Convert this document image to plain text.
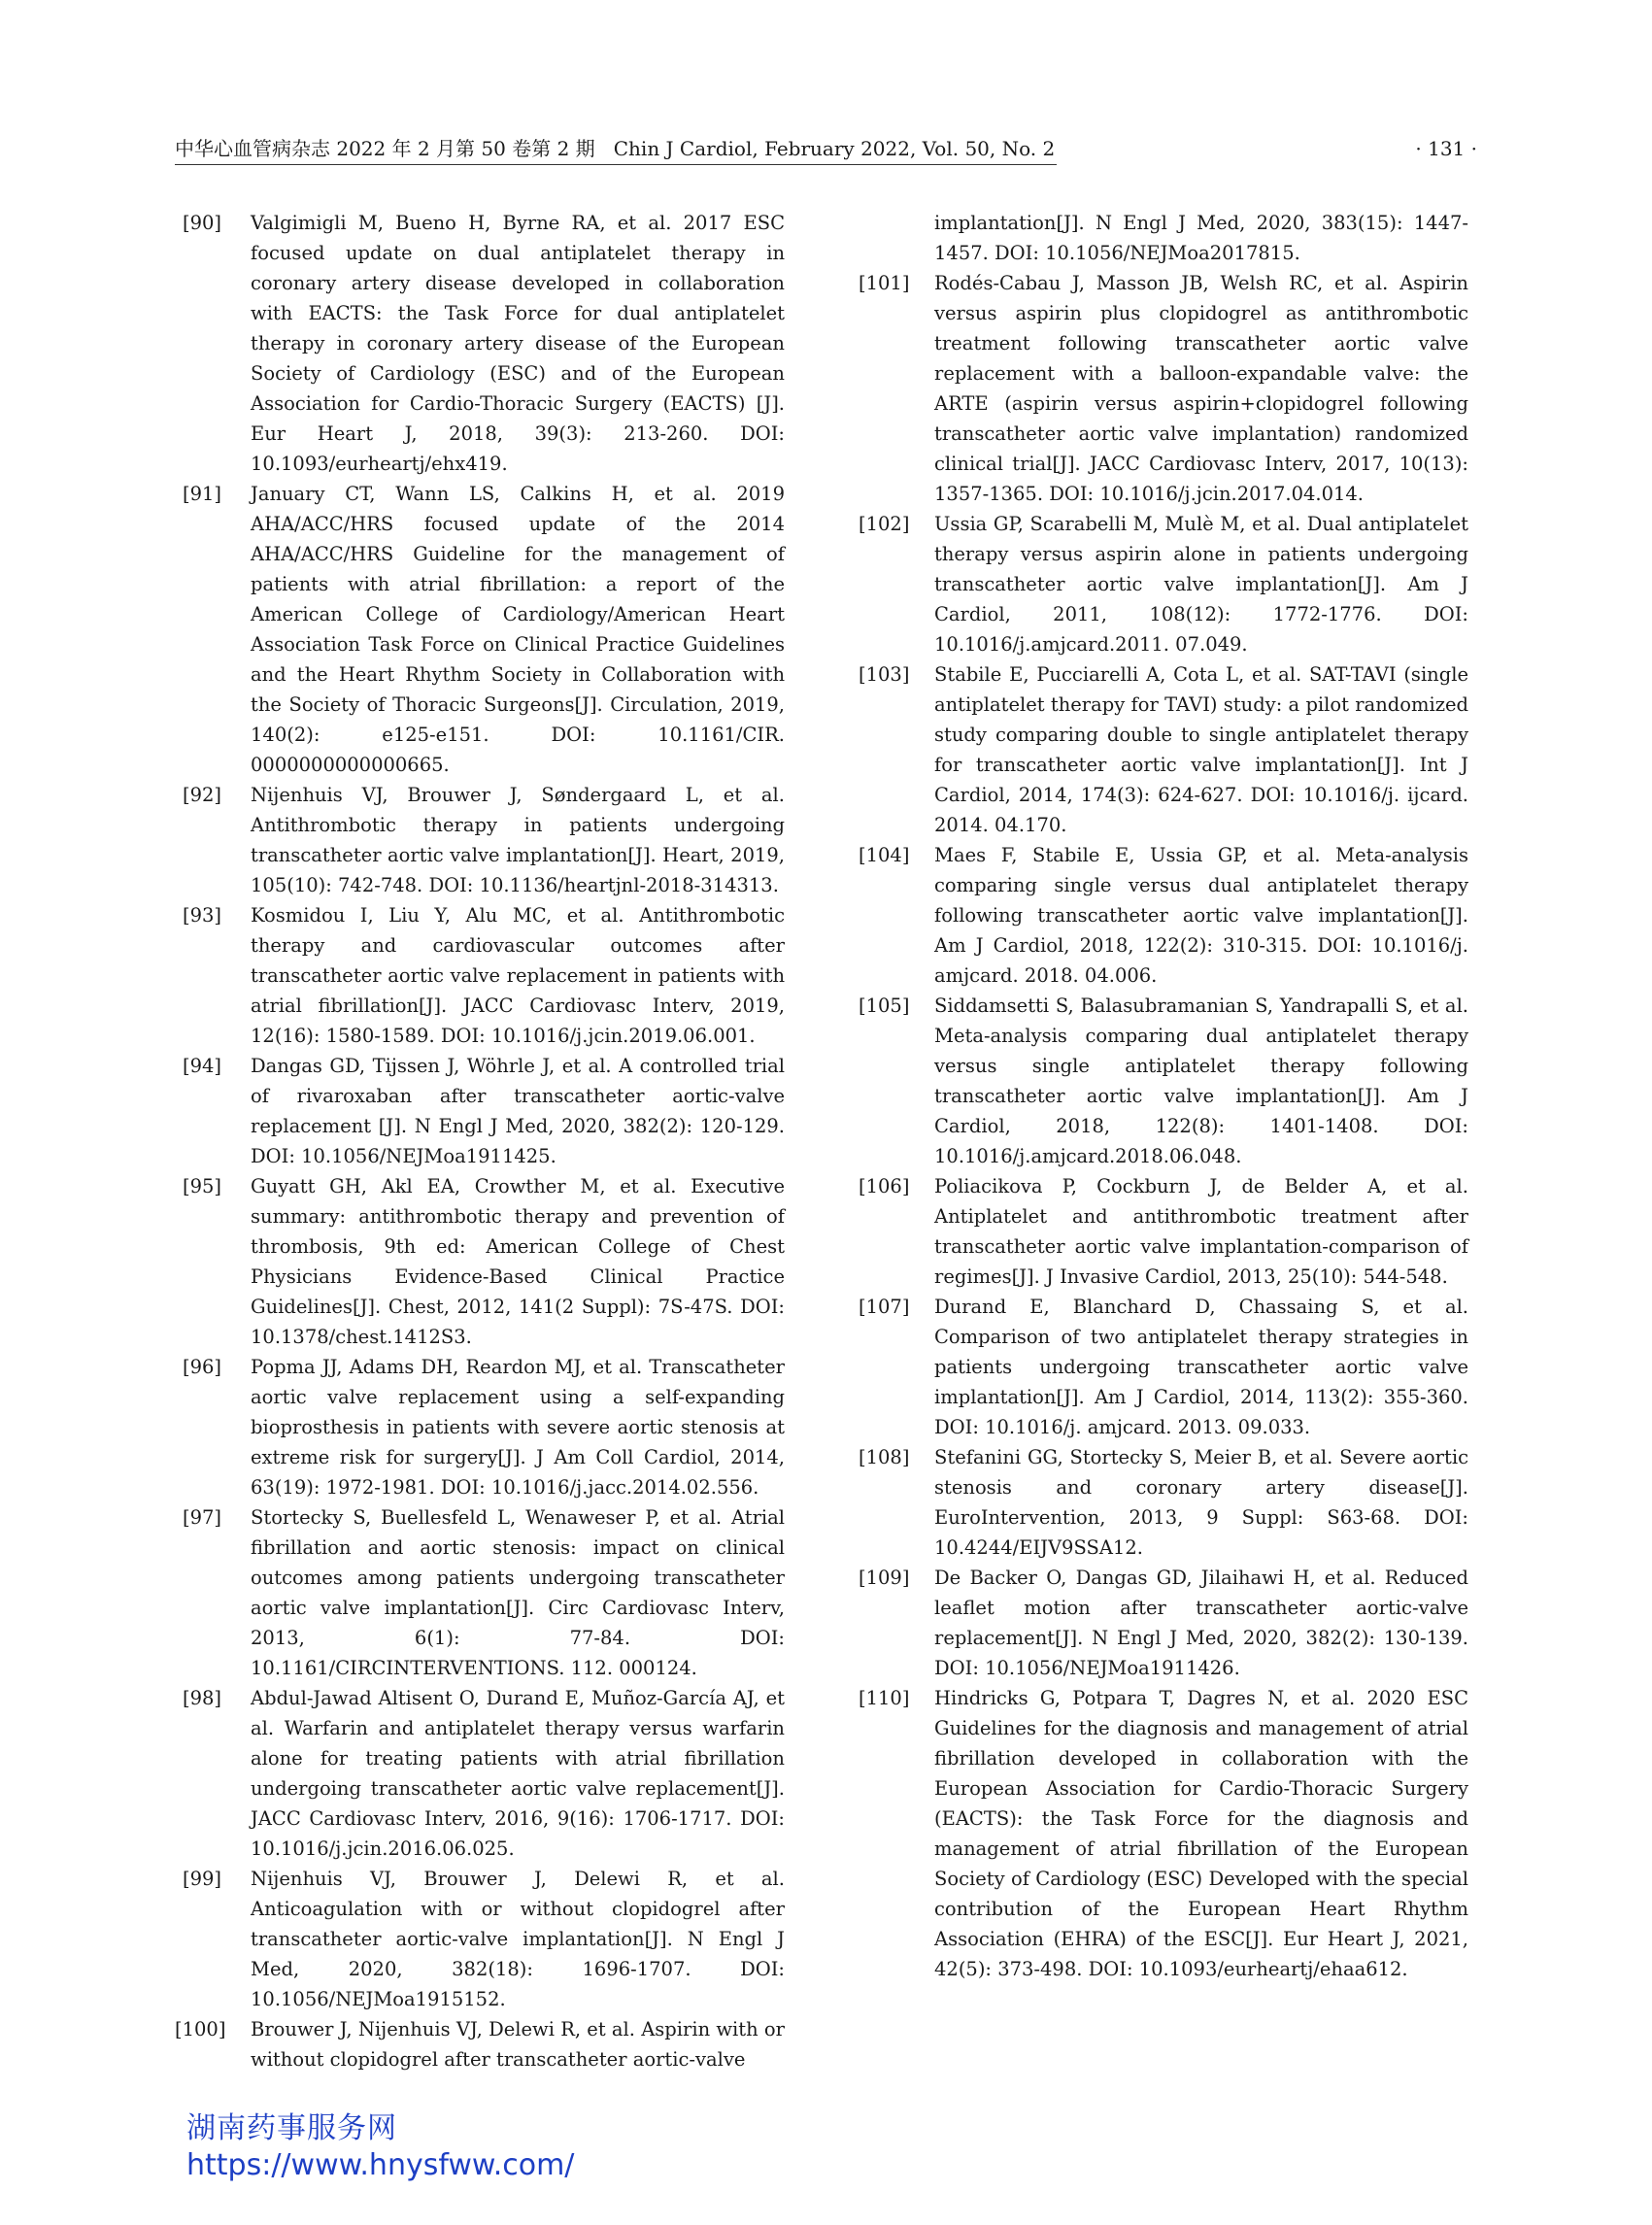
中华心血管病杂志 2022 年 2 月第 50 卷第 2 期 Chin J Cardiol, February 2022, Vol. 50, No. 2	· 131 ·
[90]	Valgimigli M, Bueno H, Byrne RA, et al. 2017 ESC focused update on dual antiplatelet therapy in coronary artery disease developed in collaboration with EACTS: the Task Force for dual antiplatelet therapy in coronary artery disease of the European Society of Cardiology (ESC) and of the European Association for Cardio-Thoracic Surgery (EACTS) [J]. Eur Heart J, 2018, 39(3): 213-260. DOI: 10.1093/eurheartj/ehx419.
[91]	January CT, Wann LS, Calkins H, et al. 2019 AHA/ACC/HRS focused update of the 2014 AHA/ACC/HRS Guideline for the management of patients with atrial fibrillation: a report of the American College of Cardiology/American Heart Association Task Force on Clinical Practice Guidelines and the Heart Rhythm Society in Collaboration with the Society of Thoracic Surgeons[J]. Circulation, 2019, 140(2): e125-e151. DOI: 10.1161/CIR. 0000000000000665.
[92]	Nijenhuis VJ, Brouwer J, Søndergaard L, et al. Antithrombotic therapy in patients undergoing transcatheter aortic valve implantation[J]. Heart, 2019, 105(10): 742-748. DOI: 10.1136/heartjnl-2018-314313.
[93]	Kosmidou I, Liu Y, Alu MC, et al. Antithrombotic therapy and cardiovascular outcomes after transcatheter aortic valve replacement in patients with atrial fibrillation[J]. JACC Cardiovasc Interv, 2019, 12(16): 1580-1589. DOI: 10.1016/j.jcin.2019.06.001.
[94]	Dangas GD, Tijssen J, Wöhrle J, et al. A controlled trial of rivaroxaban after transcatheter aortic-valve replacement [J]. N Engl J Med, 2020, 382(2): 120-129. DOI: 10.1056/NEJMoa1911425.
[95]	Guyatt GH, Akl EA, Crowther M, et al. Executive summary: antithrombotic therapy and prevention of thrombosis, 9th ed: American College of Chest Physicians Evidence-Based Clinical Practice Guidelines[J]. Chest, 2012, 141(2 Suppl): 7S-47S. DOI: 10.1378/chest.1412S3.
[96]	Popma JJ, Adams DH, Reardon MJ, et al. Transcatheter aortic valve replacement using a self-expanding bioprosthesis in patients with severe aortic stenosis at extreme risk for surgery[J]. J Am Coll Cardiol, 2014, 63(19): 1972-1981. DOI: 10.1016/j.jacc.2014.02.556.
[97]	Stortecky S, Buellesfeld L, Wenaweser P, et al. Atrial fibrillation and aortic stenosis: impact on clinical outcomes among patients undergoing transcatheter aortic valve implantation[J]. Circ Cardiovasc Interv, 2013, 6(1): 77-84. DOI: 10.1161/CIRCINTERVENTIONS. 112. 000124.
[98]	Abdul-Jawad Altisent O, Durand E, Muñoz-García AJ, et al. Warfarin and antiplatelet therapy versus warfarin alone for treating patients with atrial fibrillation undergoing transcatheter aortic valve replacement[J]. JACC Cardiovasc Interv, 2016, 9(16): 1706-1717. DOI: 10.1016/j.jcin.2016.06.025.
[99]	Nijenhuis VJ, Brouwer J, Delewi R, et al. Anticoagulation with or without clopidogrel after transcatheter aortic-valve implantation[J]. N Engl J Med, 2020, 382(18): 1696-1707. DOI: 10.1056/NEJMoa1915152.
[100]	Brouwer J, Nijenhuis VJ, Delewi R, et al. Aspirin with or without clopidogrel after transcatheter aortic-valve
implantation[J]. N Engl J Med, 2020, 383(15): 1447-1457. DOI: 10.1056/NEJMoa2017815.
[101]	Rodés-Cabau J, Masson JB, Welsh RC, et al. Aspirin versus aspirin plus clopidogrel as antithrombotic treatment following transcatheter aortic valve replacement with a balloon-expandable valve: the ARTE (aspirin versus aspirin+clopidogrel following transcatheter aortic valve implantation) randomized clinical trial[J]. JACC Cardiovasc Interv, 2017, 10(13): 1357-1365. DOI: 10.1016/j.jcin.2017.04.014.
[102]	Ussia GP, Scarabelli M, Mulè M, et al. Dual antiplatelet therapy versus aspirin alone in patients undergoing transcatheter aortic valve implantation[J]. Am J Cardiol, 2011, 108(12): 1772-1776. DOI: 10.1016/j.amjcard.2011. 07.049.
[103]	Stabile E, Pucciarelli A, Cota L, et al. SAT-TAVI (single antiplatelet therapy for TAVI) study: a pilot randomized study comparing double to single antiplatelet therapy for transcatheter aortic valve implantation[J]. Int J Cardiol, 2014, 174(3): 624-627. DOI: 10.1016/j. ijcard. 2014. 04.170.
[104]	Maes F, Stabile E, Ussia GP, et al. Meta-analysis comparing single versus dual antiplatelet therapy following transcatheter aortic valve implantation[J]. Am J Cardiol, 2018, 122(2): 310-315. DOI: 10.1016/j. amjcard. 2018. 04.006.
[105]	Siddamsetti S, Balasubramanian S, Yandrapalli S, et al. Meta-analysis comparing dual antiplatelet therapy versus single antiplatelet therapy following transcatheter aortic valve implantation[J]. Am J Cardiol, 2018, 122(8): 1401-1408. DOI: 10.1016/j.amjcard.2018.06.048.
[106]	Poliacikova P, Cockburn J, de Belder A, et al. Antiplatelet and antithrombotic treatment after transcatheter aortic valve implantation-comparison of regimes[J]. J Invasive Cardiol, 2013, 25(10): 544-548.
[107]	Durand E, Blanchard D, Chassaing S, et al. Comparison of two antiplatelet therapy strategies in patients undergoing transcatheter aortic valve implantation[J]. Am J Cardiol, 2014, 113(2): 355-360. DOI: 10.1016/j. amjcard. 2013. 09.033.
[108]	Stefanini GG, Stortecky S, Meier B, et al. Severe aortic stenosis and coronary artery disease[J]. EuroIntervention, 2013, 9 Suppl: S63-68. DOI: 10.4244/EIJV9SSA12.
[109]	De Backer O, Dangas GD, Jilaihawi H, et al. Reduced leaflet motion after transcatheter aortic-valve replacement[J]. N Engl J Med, 2020, 382(2): 130-139. DOI: 10.1056/NEJMoa1911426.
[110]	Hindricks G, Potpara T, Dagres N, et al. 2020 ESC Guidelines for the diagnosis and management of atrial fibrillation developed in collaboration with the European Association for Cardio-Thoracic Surgery (EACTS): the Task Force for the diagnosis and management of atrial fibrillation of the European Society of Cardiology (ESC) Developed with the special contribution of the European Heart Rhythm Association (EHRA) of the ESC[J]. Eur Heart J, 2021, 42(5): 373-498. DOI: 10.1093/eurheartj/ehaa612.
湖南药事服务网
https://www.hnysfww.com/
